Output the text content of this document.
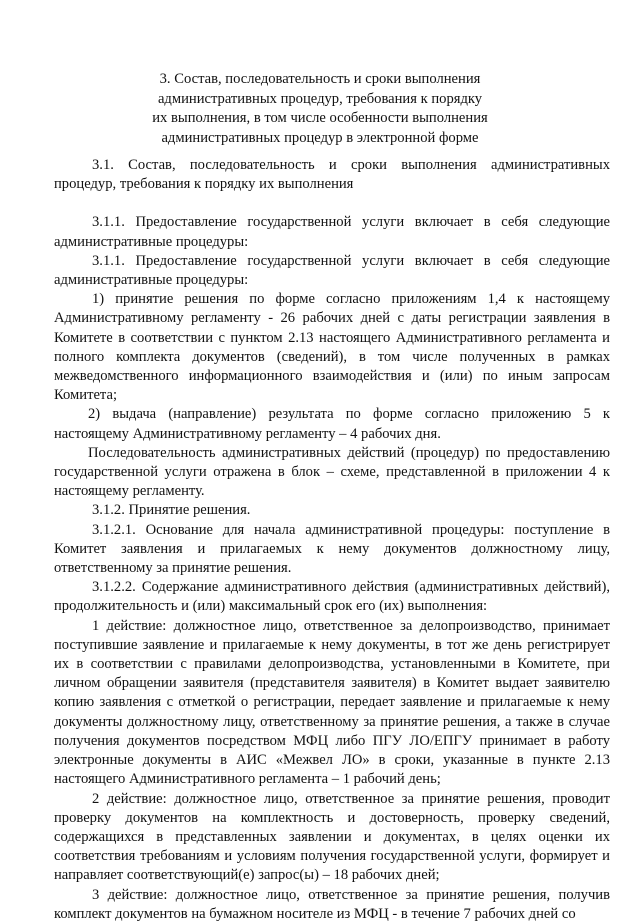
3. Состав, последовательность и сроки выполнения
административных процедур, требования к порядку
их выполнения, в том числе особенности выполнения
административных процедур в электронной форме

3.1. Состав, последовательность и сроки выполнения административных процедур, требования к порядку их выполнения

3.1.1. Предоставление государственной услуги включает в себя следующие административные процедуры:

3.1.1. Предоставление государственной услуги включает в себя следующие административные процедуры:

1) принятие решения по форме согласно приложениям 1,4 к настоящему Административному регламенту - 26 рабочих дней с даты регистрации заявления в Комитете в соответствии с пунктом 2.13 настоящего Административного регламента и полного комплекта документов (сведений), в том числе полученных в рамках межведомственного информационного взаимодействия и (или) по иным запросам Комитета;

2) выдача (направление) результата по форме согласно приложению 5 к настоящему Административному регламенту – 4 рабочих дня.

Последовательность административных действий (процедур) по предоставлению государственной услуги отражена в блок – схеме, представленной в приложении 4 к настоящему регламенту.

3.1.2. Принятие решения.

3.1.2.1. Основание для начала административной процедуры: поступление в Комитет заявления и прилагаемых к нему документов должностному лицу, ответственному за принятие решения.

3.1.2.2. Содержание административного действия (административных действий), продолжительность и (или) максимальный срок его (их) выполнения:

1 действие: должностное лицо, ответственное за делопроизводство, принимает поступившие заявление и прилагаемые к нему документы, в тот же день регистрирует их в соответствии с правилами делопроизводства, установленными в Комитете, при личном обращении заявителя (представителя заявителя) в Комитет выдает заявителю копию заявления с отметкой о регистрации, передает заявление и прилагаемые к нему документы должностному лицу, ответственному за принятие решения, а также в случае получения документов посредством МФЦ либо ПГУ ЛО/ЕПГУ принимает в работу электронные документы в АИС «Межвел ЛО» в сроки, указанные в пункте 2.13 настоящего Административного регламента – 1 рабочий день;

2 действие: должностное лицо, ответственное за принятие решения, проводит проверку документов на комплектность и достоверность, проверку сведений, содержащихся в представленных заявлении и документах, в целях оценки их соответствия требованиям и условиям получения государственной услуги, формирует и направляет соответствующий(е) запрос(ы) – 18 рабочих дней;

3 действие: должностное лицо, ответственное за принятие решения, получив комплект документов на бумажном носителе из МФЦ - в течение 7 рабочих дней со
